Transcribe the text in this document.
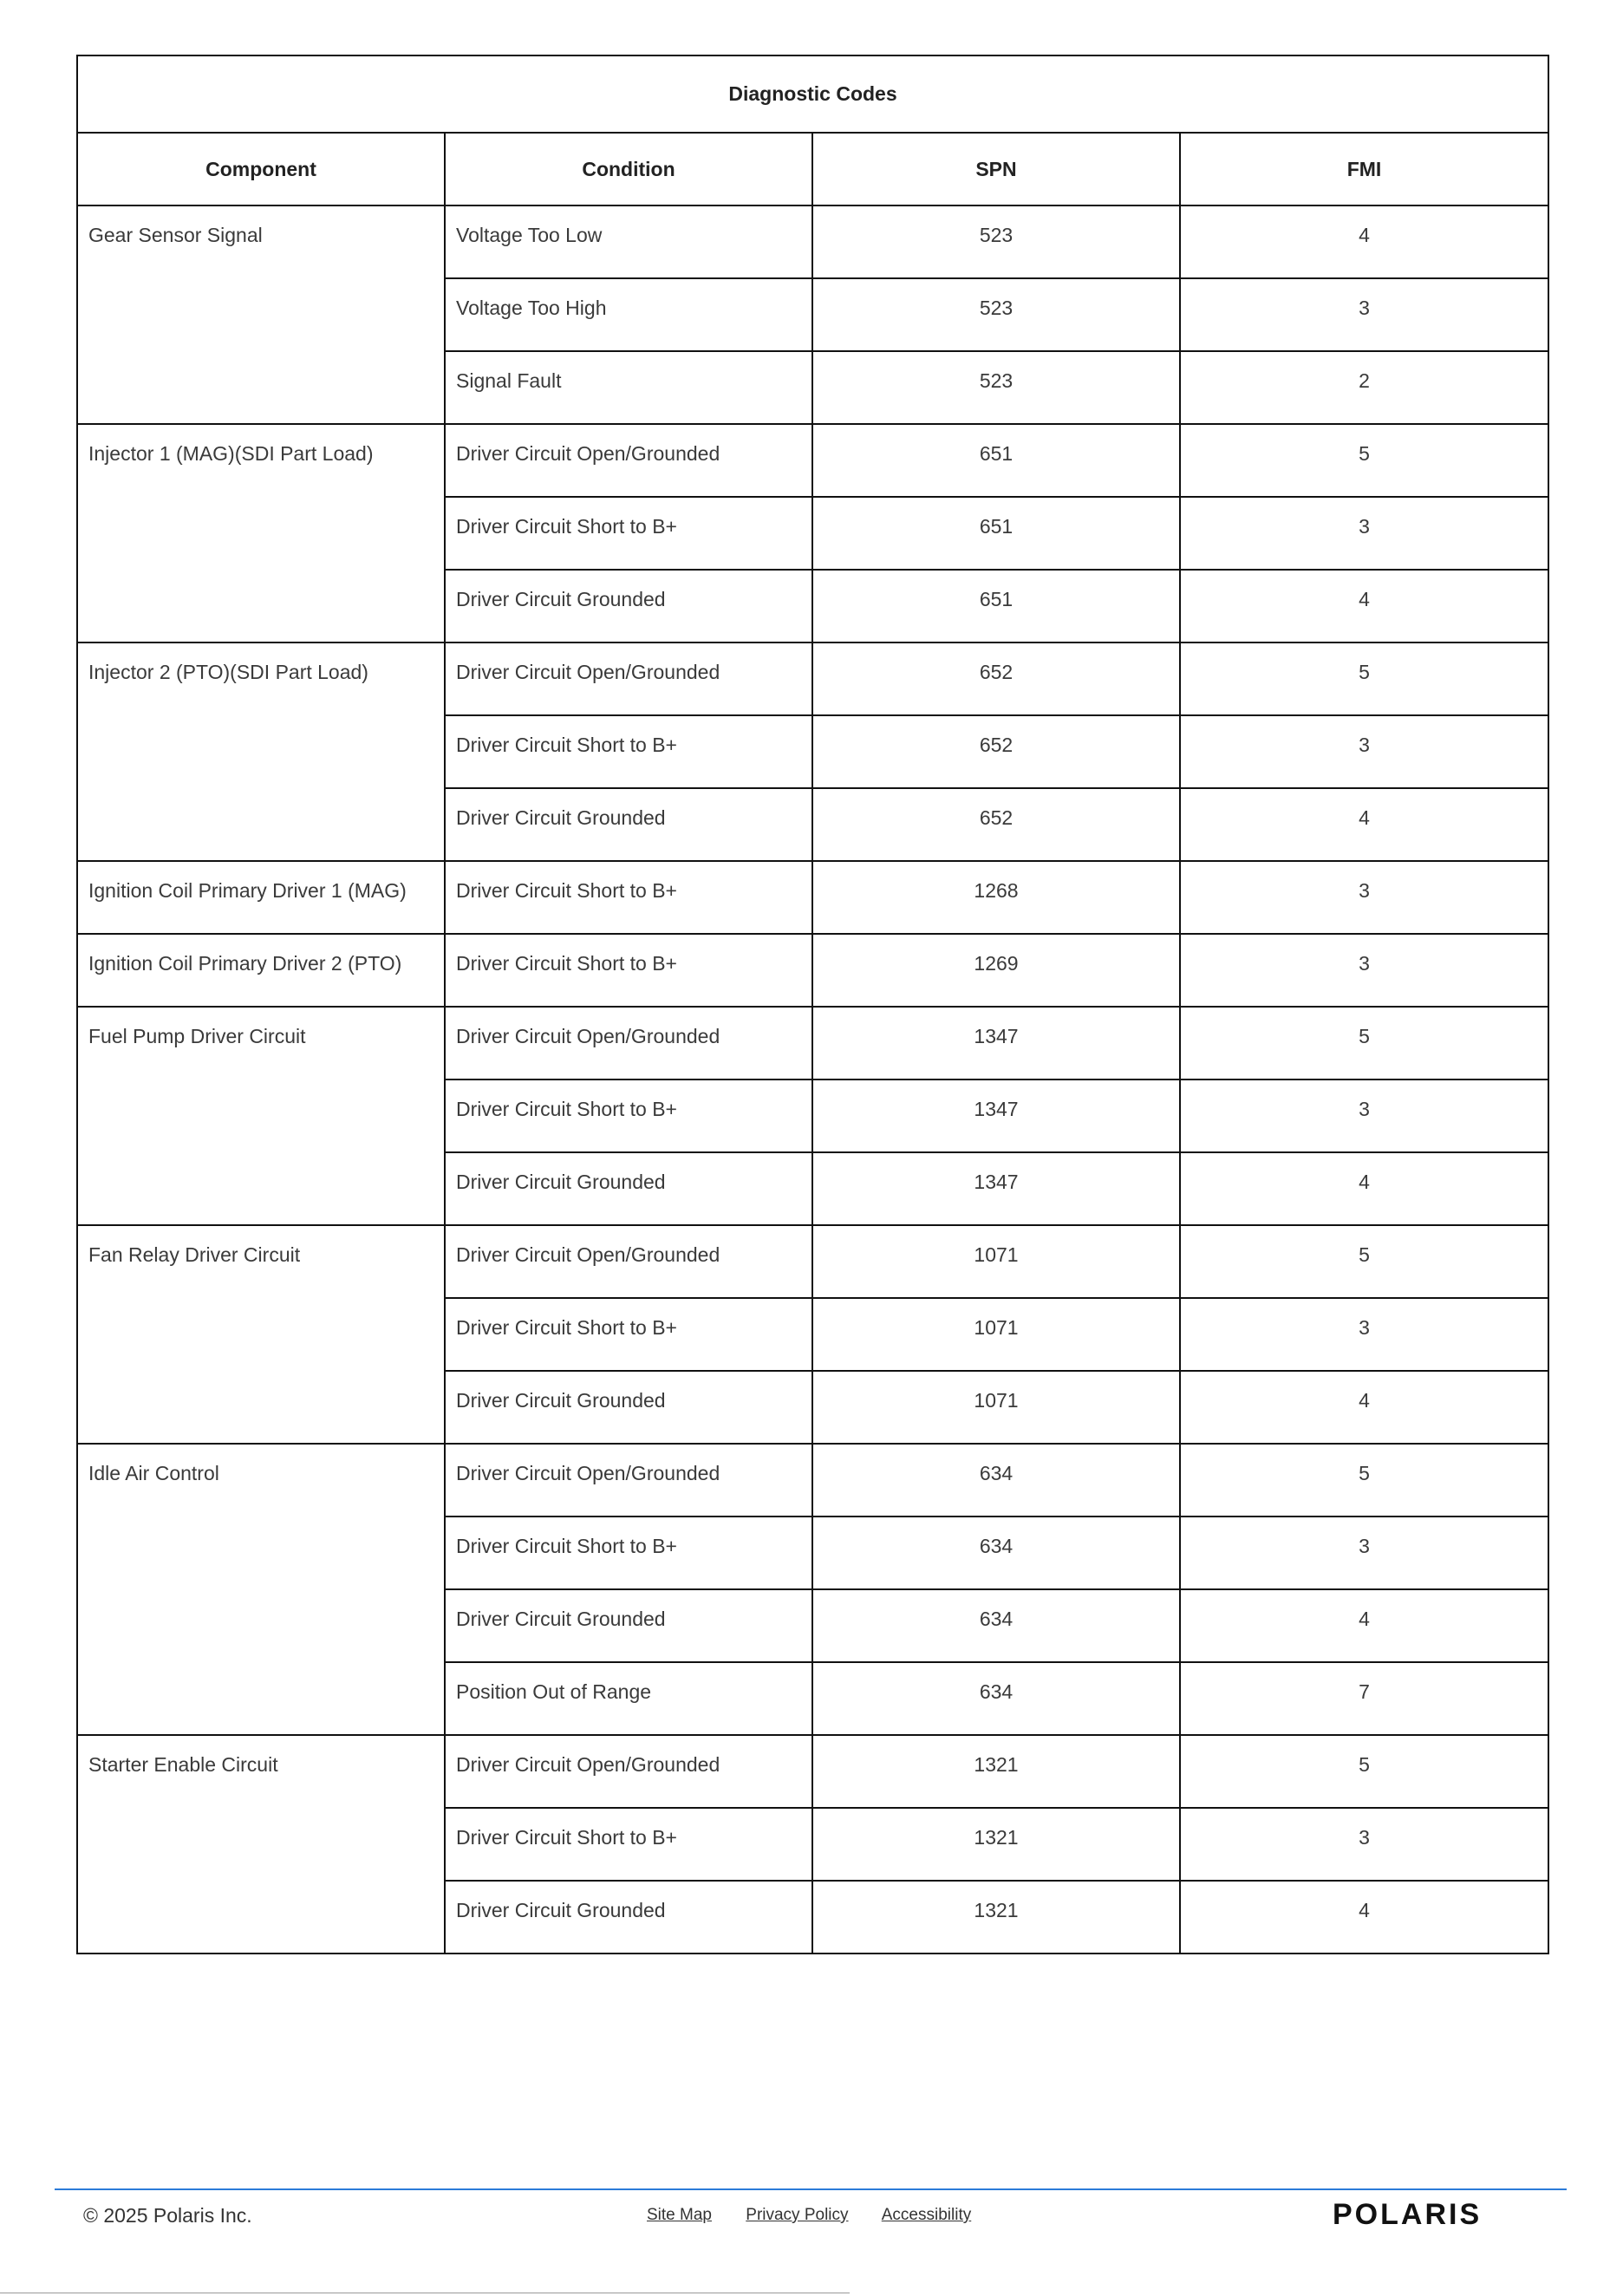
Diagnostic Codes			
Component	Condition	SPN	FMI
Gear Sensor Signal	Voltage Too Low	523	4
	Voltage Too High	523	3
	Signal Fault	523	2
Injector 1 (MAG)(SDI Part Load)	Driver Circuit Open/Grounded	651	5
	Driver Circuit Short to B+	651	3
	Driver Circuit Grounded	651	4
Injector 2 (PTO)(SDI Part Load)	Driver Circuit Open/Grounded	652	5
	Driver Circuit Short to B+	652	3
	Driver Circuit Grounded	652	4
Ignition Coil Primary Driver 1 (MAG)	Driver Circuit Short to B+	1268	3
Ignition Coil Primary Driver 2 (PTO)	Driver Circuit Short to B+	1269	3
Fuel Pump Driver Circuit	Driver Circuit Open/Grounded	1347	5
	Driver Circuit Short to B+	1347	3
	Driver Circuit Grounded	1347	4
Fan Relay Driver Circuit	Driver Circuit Open/Grounded	1071	5
	Driver Circuit Short to B+	1071	3
	Driver Circuit Grounded	1071	4
Idle Air Control	Driver Circuit Open/Grounded	634	5
	Driver Circuit Short to B+	634	3
	Driver Circuit Grounded	634	4
	Position Out of Range	634	7
Starter Enable Circuit	Driver Circuit Open/Grounded	1321	5
	Driver Circuit Short to B+	1321	3
	Driver Circuit Grounded	1321	4
© 2025 Polaris Inc.	Site Map Privacy Policy Accessibility	POLARIS
